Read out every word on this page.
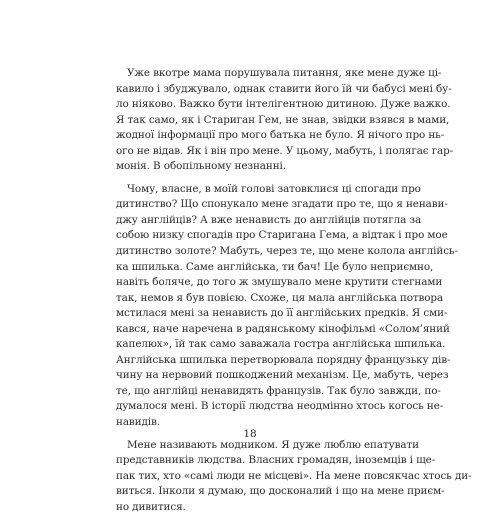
Уже вкотре мама порушувала питання, яке мене дуже ці-
кавило і збуджувало, однак ставити його їй чи бабусі мені бу-
ло ніяково. Важко бути інтелігентною дитиною. Дуже важко.
Я так само, як і Стариган Гем, не знав, звідки взявся в мами,
жодної інформації про мого батька не було. Я нічого про нь-
ого не відав. Як і він про мене. У цьому, мабуть, і полягає гар-
монія. В обопільному незнанні.

Чому, власне, в моїй голові затовклися ці спогади про
дитинство? Що спонукало мене згадати про те, що я ненави-
джу англійців? А вже ненависть до англійців потягла за
собою низку спогадів про Старигана Гема, а відтак і про мое
дитинство золоте? Мабуть, через те, що мене колола англійсь-
ка шпилька. Саме англійська, ти бач! Це було неприємно,
навіть боляче, до того ж змушувало мене крутити стегнами
так, немов я був повією. Схоже, ця мала англійська потвора
мстилася мені за ненависть до її англійських предків. Я сми-
кався, наче наречена в радянському кінофільмі «Солом’яний
капелюх», їй так само заважала гостра англійська шпилька.
Англійська шпилька перетворювала порядну французьку дів-
чину на нервовий пошкоджений механізм. Це, мабуть, через
те, що англійці ненавидять французів. Так було завжди, по-
думалося мені. В історії людства неодмінно хтось когось не-
навидів.

Мене називають модником. Я дуже люблю епатувати
представників людства. Власних громадян, іноземців і ще-
пак тих, хто «самі люди не місцеві». На мене повсякчас хтось ди-
виться. Інколи я думаю, що досконалий і що на мене приєм-
но дивитися.

18
